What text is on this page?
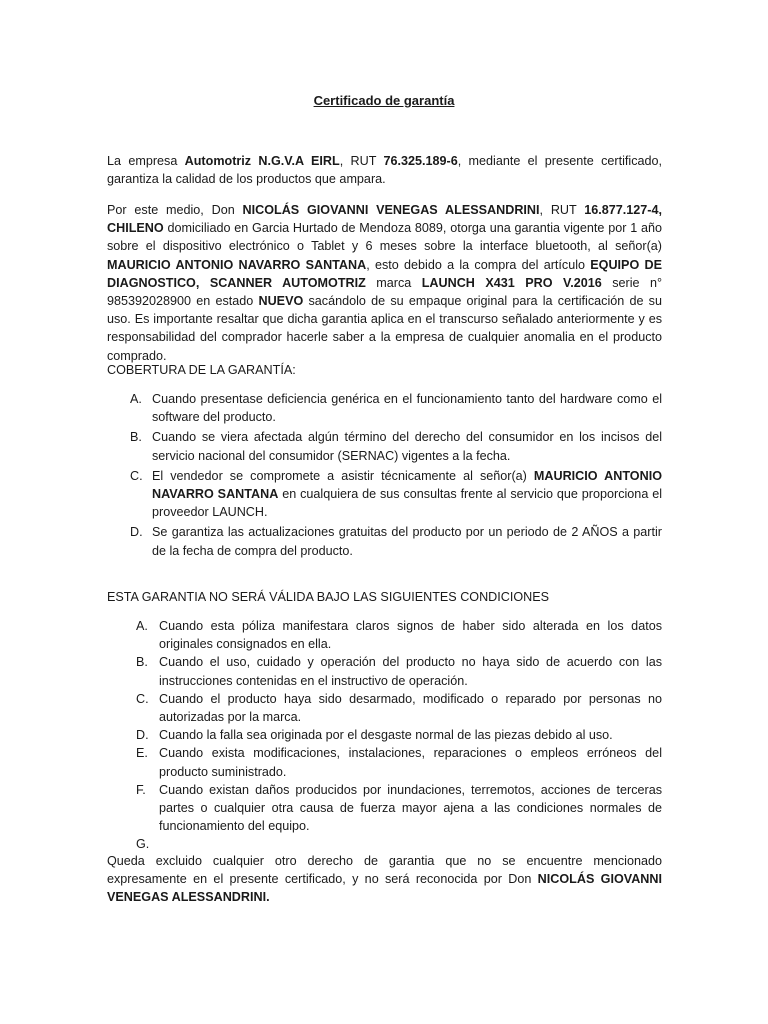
Certificado de garantía

La empresa Automotriz N.G.V.A EIRL, RUT 76.325.189-6, mediante el presente certificado, garantiza la calidad de los productos que ampara.

Por este medio, Don NICOLÁS GIOVANNI VENEGAS ALESSANDRINI, RUT 16.877.127-4, CHILENO domiciliado en Garcia Hurtado de Mendoza 8089, otorga una garantia vigente por 1 año sobre el dispositivo electrónico o Tablet y 6 meses sobre la interface bluetooth, al señor(a) MAURICIO ANTONIO NAVARRO SANTANA, esto debido a la compra del artículo EQUIPO DE DIAGNOSTICO, SCANNER AUTOMOTRIZ marca LAUNCH X431 PRO V.2016 serie n° 985392028900 en estado NUEVO sacándolo de su empaque original para la certificación de su uso. Es importante resaltar que dicha garantia aplica en el transcurso señalado anteriormente y es responsabilidad del comprador hacerle saber a la empresa de cualquier anomalia en el producto comprado.

COBERTURA DE LA GARANTÍA:
A. Cuando presentase deficiencia genérica en el funcionamiento tanto del hardware como el software del producto.
B. Cuando se viera afectada algún término del derecho del consumidor en los incisos del servicio nacional del consumidor (SERNAC) vigentes a la fecha.
C. El vendedor se compromete a asistir técnicamente al señor(a) MAURICIO ANTONIO NAVARRO SANTANA en cualquiera de sus consultas frente al servicio que proporciona el proveedor LAUNCH.
D. Se garantiza las actualizaciones gratuitas del producto por un periodo de 2 AÑOS a partir de la fecha de compra del producto.
ESTA GARANTIA NO SERÁ VÁLIDA BAJO LAS SIGUIENTES CONDICIONES
A. Cuando esta póliza manifestara claros signos de haber sido alterada en los datos originales consignados en ella.
B. Cuando el uso, cuidado y operación del producto no haya sido de acuerdo con las instrucciones contenidas en el instructivo de operación.
C. Cuando el producto haya sido desarmado, modificado o reparado por personas no autorizadas por la marca.
D. Cuando la falla sea originada por el desgaste normal de las piezas debido al uso.
E. Cuando exista modificaciones, instalaciones, reparaciones o empleos erróneos del producto suministrado.
F. Cuando existan daños producidos por inundaciones, terremotos, acciones de terceras partes o cualquier otra causa de fuerza mayor ajena a las condiciones normales de funcionamiento del equipo.
G.

Queda excluido cualquier otro derecho de garantia que no se encuentre mencionado expresamente en el presente certificado, y no será reconocida por Don NICOLÁS GIOVANNI VENEGAS ALESSANDRINI.
